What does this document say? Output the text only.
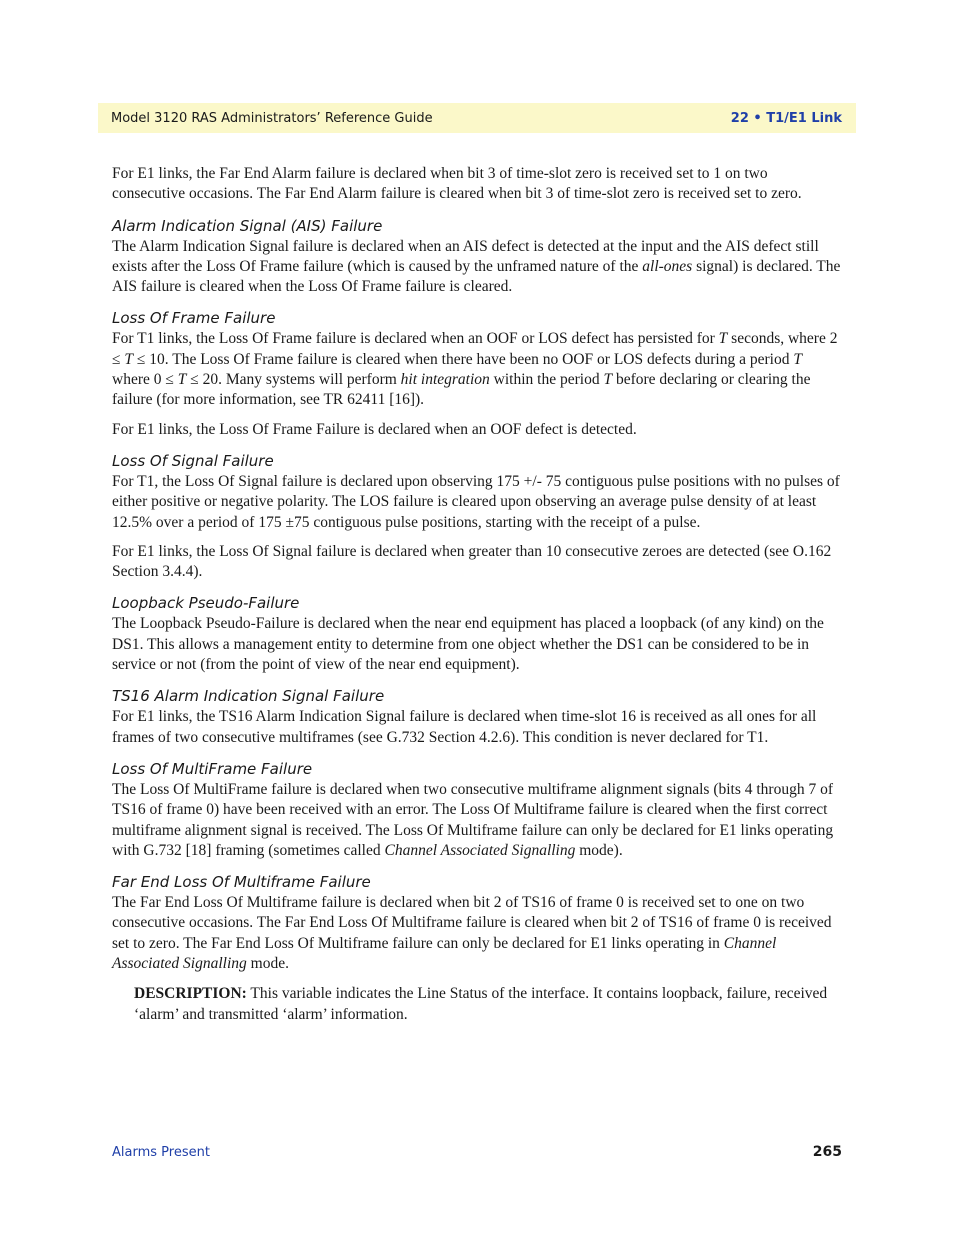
Model 3120 RAS Administrators’ Reference Guide	22 • T1/E1 Link

For E1 links, the Far End Alarm failure is declared when bit 3 of time-slot zero is received set to 1 on two consecutive occasions. The Far End Alarm failure is cleared when bit 3 of time-slot zero is received set to zero.

Alarm Indication Signal (AIS) Failure

The Alarm Indication Signal failure is declared when an AIS defect is detected at the input and the AIS defect still exists after the Loss Of Frame failure (which is caused by the unframed nature of the all-ones signal) is declared. The AIS failure is cleared when the Loss Of Frame failure is cleared.

Loss Of Frame Failure

For T1 links, the Loss Of Frame failure is declared when an OOF or LOS defect has persisted for T seconds, where 2 ≤ T ≤ 10. The Loss Of Frame failure is cleared when there have been no OOF or LOS defects during a period T where 0 ≤ T ≤ 20. Many systems will perform hit integration within the period T before declaring or clearing the failure (for more information, see TR 62411 [16]).

For E1 links, the Loss Of Frame Failure is declared when an OOF defect is detected.

Loss Of Signal Failure

For T1, the Loss Of Signal failure is declared upon observing 175 +/- 75 contiguous pulse positions with no pulses of either positive or negative polarity. The LOS failure is cleared upon observing an average pulse density of at least 12.5% over a period of 175 ±75 contiguous pulse positions, starting with the receipt of a pulse.

For E1 links, the Loss Of Signal failure is declared when greater than 10 consecutive zeroes are detected (see O.162 Section 3.4.4).

Loopback Pseudo-Failure

The Loopback Pseudo-Failure is declared when the near end equipment has placed a loopback (of any kind) on the DS1. This allows a management entity to determine from one object whether the DS1 can be considered to be in service or not (from the point of view of the near end equipment).

TS16 Alarm Indication Signal Failure

For E1 links, the TS16 Alarm Indication Signal failure is declared when time-slot 16 is received as all ones for all frames of two consecutive multiframes (see G.732 Section 4.2.6). This condition is never declared for T1.

Loss Of MultiFrame Failure

The Loss Of MultiFrame failure is declared when two consecutive multiframe alignment signals (bits 4 through 7 of TS16 of frame 0) have been received with an error. The Loss Of Multiframe failure is cleared when the first correct multiframe alignment signal is received. The Loss Of Multiframe failure can only be declared for E1 links operating with G.732 [18] framing (sometimes called Channel Associated Signalling mode).

Far End Loss Of Multiframe Failure

The Far End Loss Of Multiframe failure is declared when bit 2 of TS16 of frame 0 is received set to one on two consecutive occasions. The Far End Loss Of Multiframe failure is cleared when bit 2 of TS16 of frame 0 is received set to zero. The Far End Loss Of Multiframe failure can only be declared for E1 links operating in Channel Associated Signalling mode.

DESCRIPTION: This variable indicates the Line Status of the interface. It contains loopback, failure, received ‘alarm’ and transmitted ‘alarm’ information.

Alarms Present	265
